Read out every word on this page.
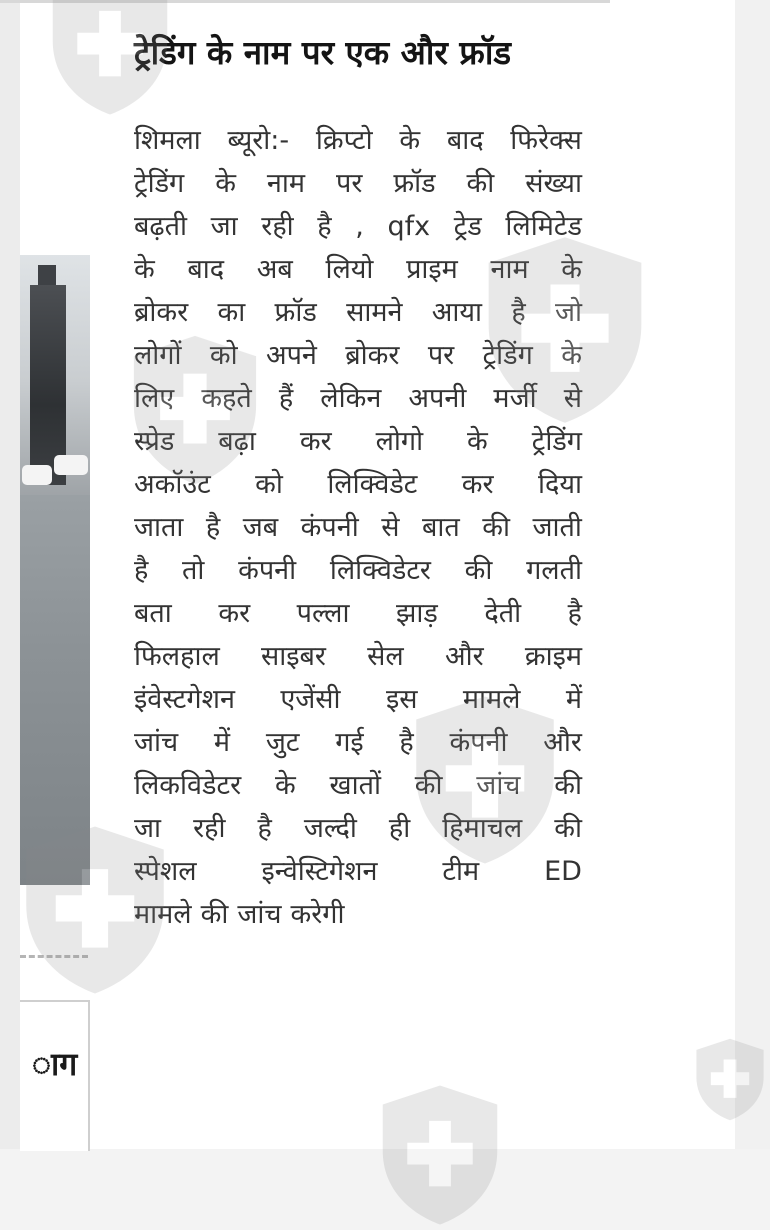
ाग
ट्रेडिंग के नाम पर एक और फ्रॉड
शिमला ब्यूरो:- क्रिप्टो के बाद फिरेक्स
ट्रेडिंग के नाम पर फ्रॉड की संख्या
बढ़ती जा रही है , qfx ट्रेड लिमिटेड
के बाद अब लियो प्राइम नाम के
ब्रोकर का फ्रॉड सामने आया है जो
लोगों को अपने ब्रोकर पर ट्रेडिंग के
लिए कहते हैं लेकिन अपनी मर्जी से
स्प्रेड बढ़ा कर लोगो के ट्रेडिंग
अकॉउंट को लिक्विडेट कर दिया
जाता है जब कंपनी से बात की जाती
है तो कंपनी लिक्विडेटर की गलती
बता कर पल्ला झाड़ देती है
फिलहाल साइबर सेल और क्राइम
इंवेस्टगेशन एजेंसी इस मामले में
जांच में जुट गई है कंपनी और
लिकविडेटर के खातों की जांच की
जा रही है जल्दी ही हिमाचल की
स्पेशल इन्वेस्टिगेशन टीम ED
मामले की जांच करेगी
